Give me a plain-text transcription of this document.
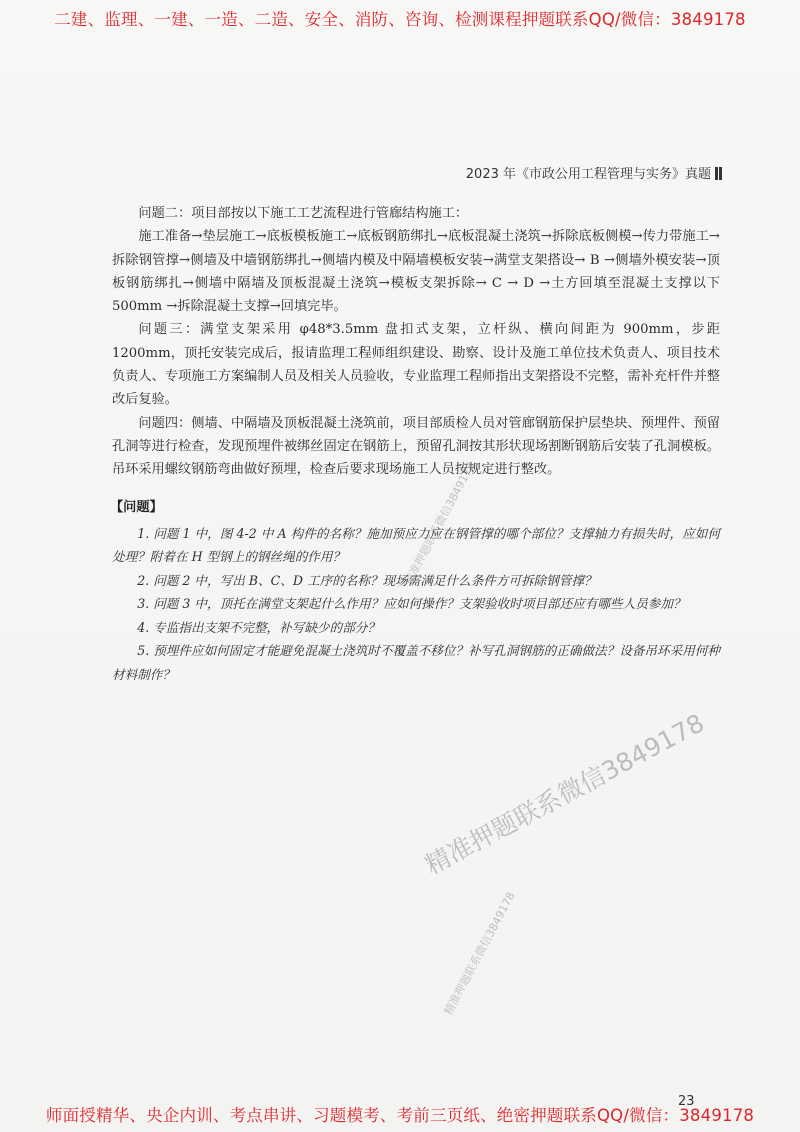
二建、监理、一建、一造、二造、安全、消防、咨询、检测课程押题联系QQ/微信：3849178
2023 年《市政公用工程管理与实务》真题

问题二：项目部按以下施工工艺流程进行管廊结构施工：

施工准备→垫层施工→底板模板施工→底板钢筋绑扎→底板混凝土浇筑→拆除底板侧模→传力带施工→拆除钢管撑→侧墙及中墙钢筋绑扎→侧墙内模及中隔墙模板安装→满堂支架搭设→ B →侧墙外模安装→顶板钢筋绑扎→侧墙中隔墙及顶板混凝土浇筑→模板支架拆除→ C → D →土方回填至混凝土支撑以下 500mm →拆除混凝土支撑→回填完毕。

问题三：满堂支架采用 φ48*3.5mm 盘扣式支架，立杆纵、横向间距为 900mm，步距 1200mm，顶托安装完成后，报请监理工程师组织建设、勘察、设计及施工单位技术负责人、项目技术负责人、专项施工方案编制人员及相关人员验收，专业监理工程师指出支架搭设不完整，需补充杆件并整改后复验。

问题四：侧墙、中隔墙及顶板混凝土浇筑前，项目部质检人员对管廊钢筋保护层垫块、预埋件、预留孔洞等进行检查，发现预埋件被绑丝固定在钢筋上，预留孔洞按其形状现场割断钢筋后安装了孔洞模板。吊环采用螺纹钢筋弯曲做好预埋，检查后要求现场施工人员按规定进行整改。

【问题】
1. 问题 1 中，图 4-2 中 A 构件的名称？施加预应力应在钢管撑的哪个部位？支撑轴力有损失时，应如何处理？附着在 H 型钢上的钢丝绳的作用？
2. 问题 2 中，写出 B、C、D 工序的名称？现场需满足什么条件方可拆除钢管撑？
3. 问题 3 中，顶托在满堂支架起什么作用？应如何操作？支架验收时项目部还应有哪些人员参加？
4. 专监指出支架不完整，补写缺少的部分？
5. 预埋件应如何固定才能避免混凝土浇筑时不覆盖不移位？补写孔洞钢筋的正确做法？设备吊环采用何种材料制作？
精准押题联系微信3849178
精准押题联系微信3849178
精准押题联系微信3849178
23
师面授精华、央企内训、考点串讲、习题模考、考前三页纸、绝密押题联系QQ/微信：3849178
